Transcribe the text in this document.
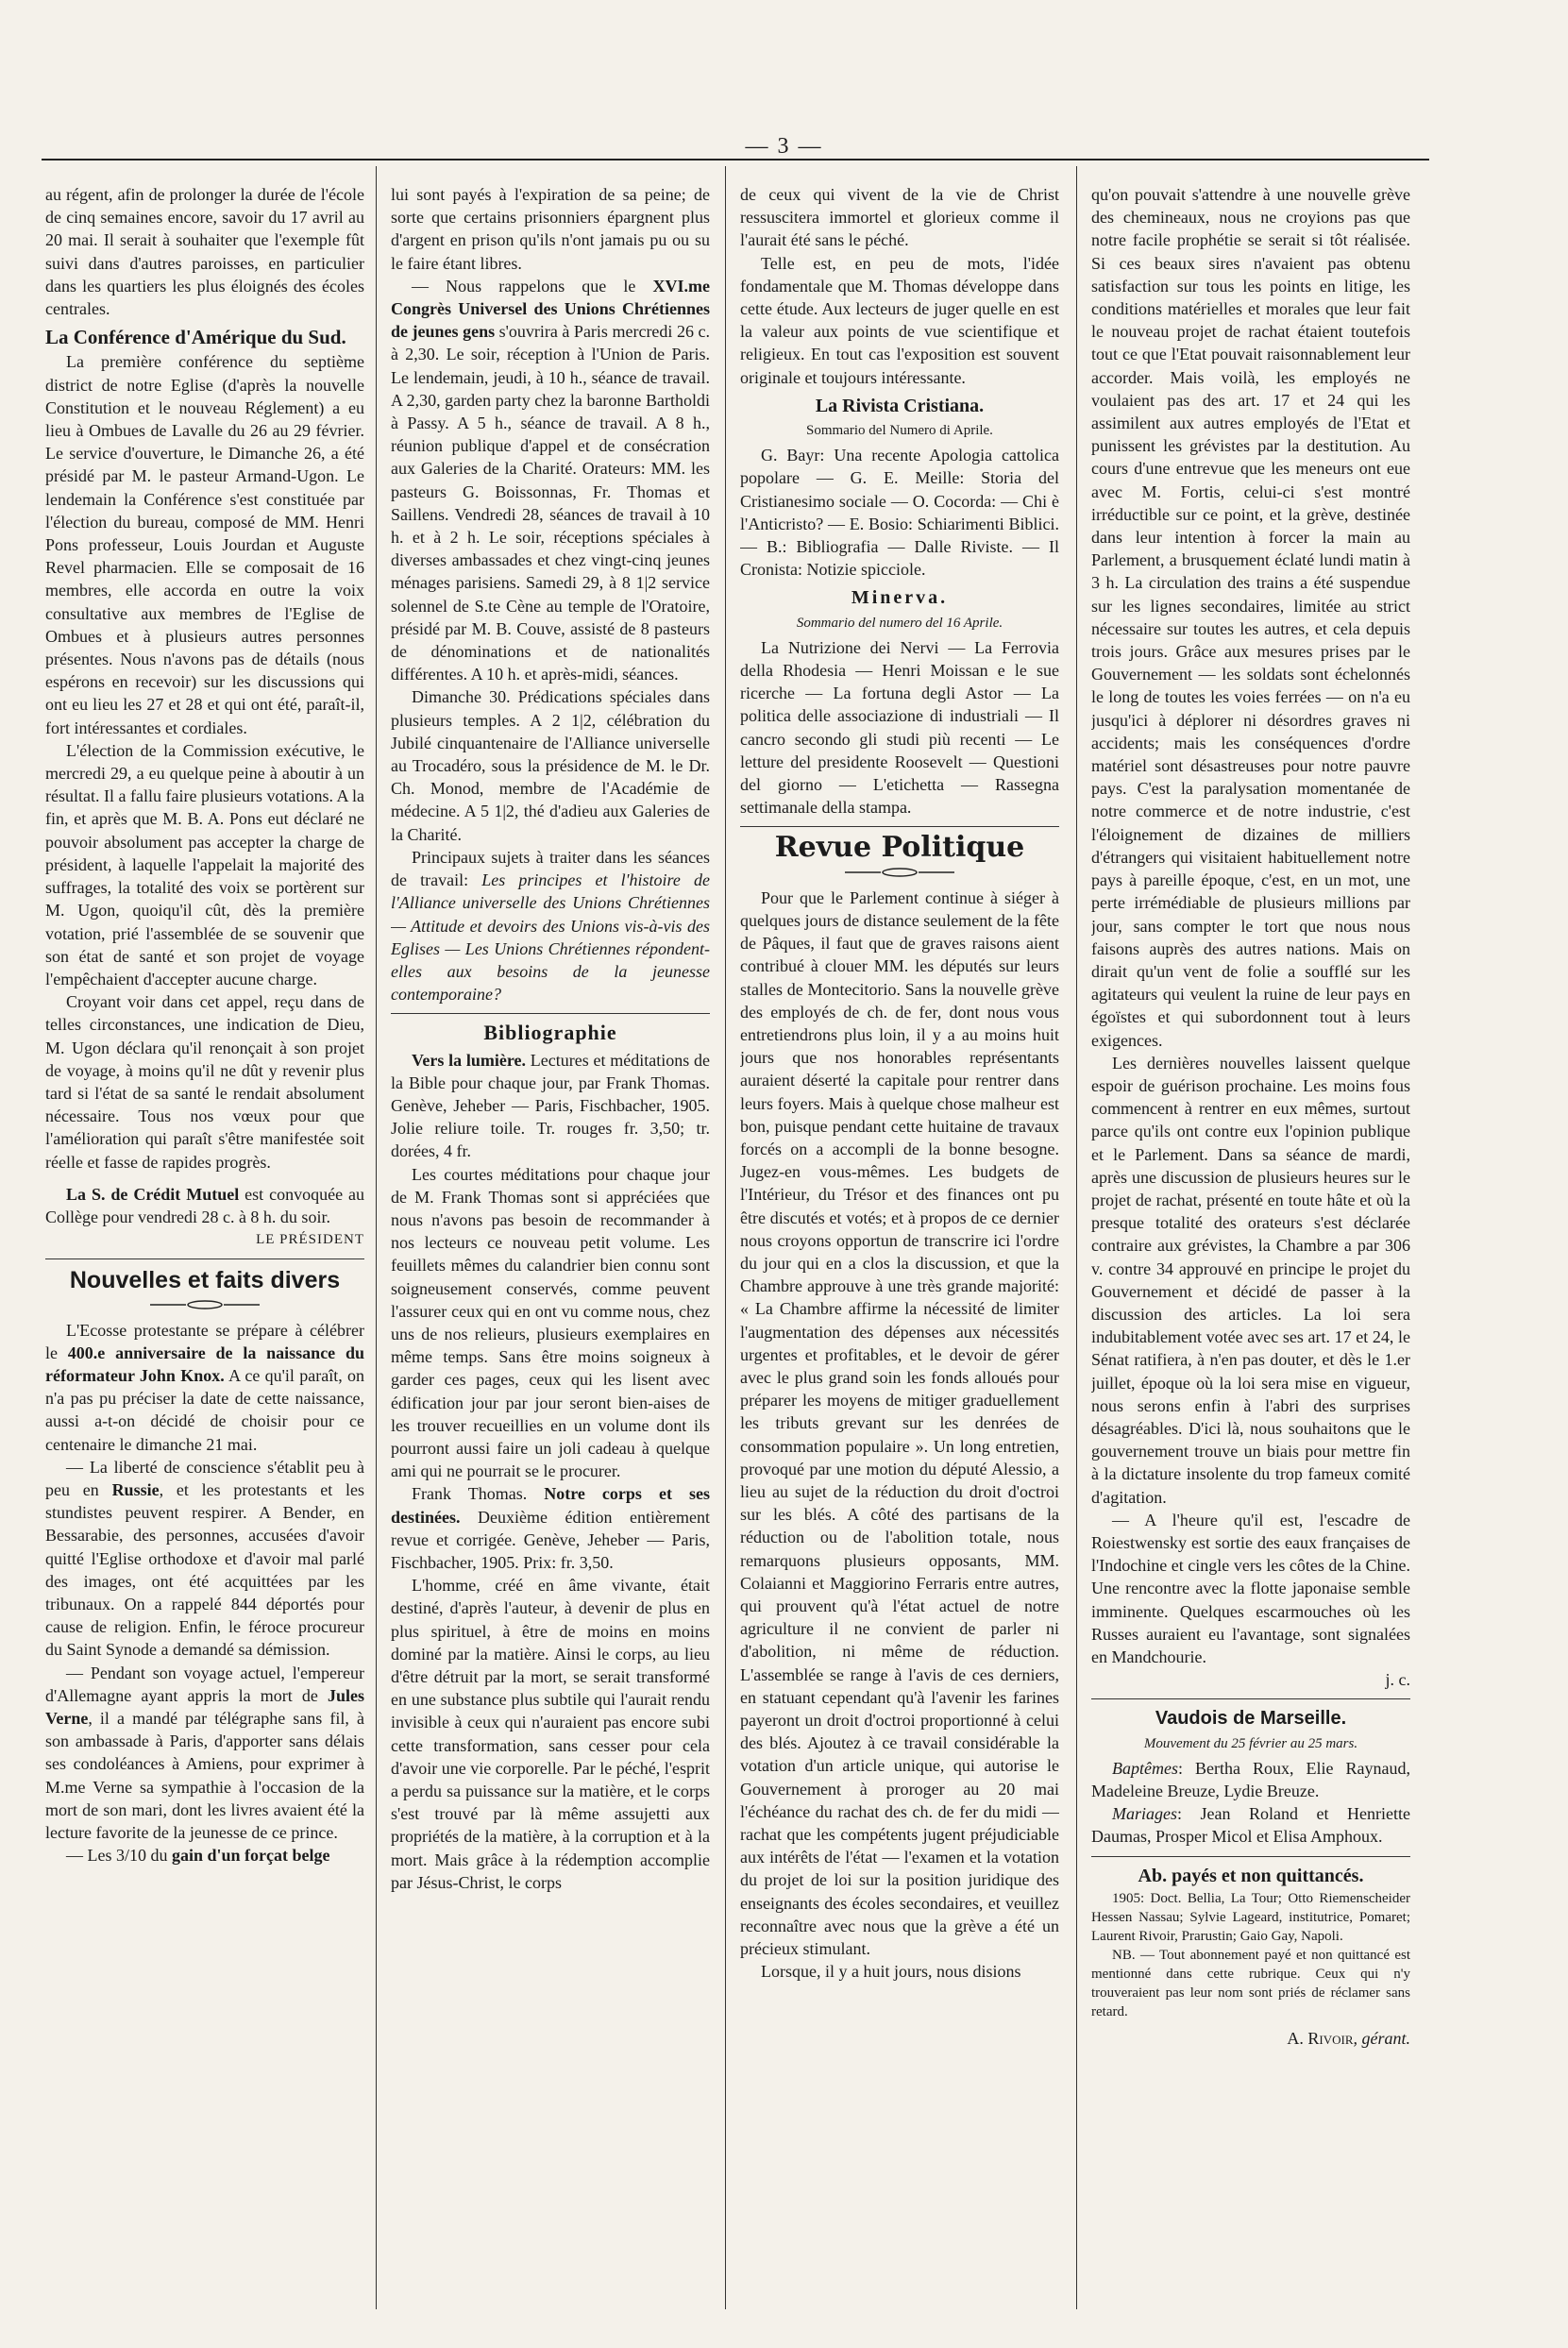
— 3 —

au régent, afin de prolonger la durée de l'école de cinq semaines encore, savoir du 17 avril au 20 mai. Il serait à souhaiter que l'exemple fût suivi dans d'autres paroisses, en particulier dans les quartiers les plus éloignés des écoles centrales.

La Conférence d'Amérique du Sud.

La première conférence du septième district de notre Eglise (d'après la nouvelle Constitution et le nouveau Réglement) a eu lieu à Ombues de Lavalle du 26 au 29 février. Le service d'ouverture, le Dimanche 26, a été présidé par M. le pasteur Armand-Ugon. Le lendemain la Conférence s'est constituée par l'élection du bureau, composé de MM. Henri Pons professeur, Louis Jourdan et Auguste Revel pharmacien. Elle se composait de 16 membres, elle accorda en outre la voix consultative aux membres de l'Eglise de Ombues et à plusieurs autres personnes présentes. Nous n'avons pas de détails (nous espérons en recevoir) sur les discussions qui ont eu lieu les 27 et 28 et qui ont été, paraît-il, fort intéressantes et cordiales.

L'élection de la Commission exécutive, le mercredi 29, a eu quelque peine à aboutir à un résultat. Il a fallu faire plusieurs votations. A la fin, et après que M. B. A. Pons eut déclaré ne pouvoir absolument pas accepter la charge de président, à laquelle l'appelait la majorité des suffrages, la totalité des voix se portèrent sur M. Ugon, quoiqu'il cût, dès la première votation, prié l'assemblée de se souvenir que son état de santé et son projet de voyage l'empêchaient d'accepter aucune charge.

Croyant voir dans cet appel, reçu dans de telles circonstances, une indication de Dieu, M. Ugon déclara qu'il renonçait à son projet de voyage, à moins qu'il ne dût y revenir plus tard si l'état de sa santé le rendait absolument nécessaire. Tous nos vœux pour que l'amélioration qui paraît s'être manifestée soit réelle et fasse de rapides progrès.

La S. de Crédit Mutuel est convoquée au Collège pour vendredi 28 c. à 8 h. du soir.

LE PRÉSIDENT
Nouvelles et faits divers

L'Ecosse protestante se prépare à célébrer le 400.e anniversaire de la naissance du réformateur John Knox. A ce qu'il paraît, on n'a pas pu préciser la date de cette naissance, aussi a-t-on décidé de choisir pour ce centenaire le dimanche 21 mai.

— La liberté de conscience s'établit peu à peu en Russie, et les protestants et les stundistes peuvent respirer. A Bender, en Bessarabie, des personnes, accusées d'avoir quitté l'Eglise orthodoxe et d'avoir mal parlé des images, ont été acquittées par les tribunaux. On a rappelé 844 déportés pour cause de religion. Enfin, le féroce procureur du Saint Synode a demandé sa démission.

— Pendant son voyage actuel, l'empereur d'Allemagne ayant appris la mort de Jules Verne, il a mandé par télégraphe sans fil, à son ambassade à Paris, d'apporter sans délais ses condoléances à Amiens, pour exprimer à M.me Verne sa sympathie à l'occasion de la mort de son mari, dont les livres avaient été la lecture favorite de la jeunesse de ce prince.

— Les 3/10 du gain d'un forçat belge

lui sont payés à l'expiration de sa peine; de sorte que certains prisonniers épargnent plus d'argent en prison qu'ils n'ont jamais pu ou su le faire étant libres.

— Nous rappelons que le XVI.me Congrès Universel des Unions Chrétiennes de jeunes gens s'ouvrira à Paris mercredi 26 c. à 2,30. Le soir, réception à l'Union de Paris. Le lendemain, jeudi, à 10 h., séance de travail. A 2,30, garden party chez la baronne Bartholdi à Passy. A 5 h., séance de travail. A 8 h., réunion publique d'appel et de consécration aux Galeries de la Charité. Orateurs: MM. les pasteurs G. Boissonnas, Fr. Thomas et Saillens. Vendredi 28, séances de travail à 10 h. et à 2 h. Le soir, réceptions spéciales à diverses ambassades et chez vingt-cinq jeunes ménages parisiens. Samedi 29, à 8 1|2 service solennel de S.te Cène au temple de l'Oratoire, présidé par M. B. Couve, assisté de 8 pasteurs de dénominations et de nationalités différentes. A 10 h. et après-midi, séances.

Dimanche 30. Prédications spéciales dans plusieurs temples. A 2 1|2, célébration du Jubilé cinquantenaire de l'Alliance universelle au Trocadéro, sous la présidence de M. le Dr. Ch. Monod, membre de l'Académie de médecine. A 5 1|2, thé d'adieu aux Galeries de la Charité.

Principaux sujets à traiter dans les séances de travail: Les principes et l'histoire de l'Alliance universelle des Unions Chrétiennes — Attitude et devoirs des Unions vis-à-vis des Eglises — Les Unions Chrétiennes répondent-elles aux besoins de la jeunesse contemporaine?

Bibliographie

Vers la lumière. Lectures et méditations de la Bible pour chaque jour, par Frank Thomas. Genève, Jeheber — Paris, Fischbacher, 1905. Jolie reliure toile. Tr. rouges fr. 3,50; tr. dorées, 4 fr.

Les courtes méditations pour chaque jour de M. Frank Thomas sont si appréciées que nous n'avons pas besoin de recommander à nos lecteurs ce nouveau petit volume. Les feuillets mêmes du calandrier bien connu sont soigneusement conservés, comme peuvent l'assurer ceux qui en ont vu comme nous, chez uns de nos relieurs, plusieurs exemplaires en même temps. Sans être moins soigneux à garder ces pages, ceux qui les lisent avec édification jour par jour seront bien-aises de les trouver recueillies en un volume dont ils pourront aussi faire un joli cadeau à quelque ami qui ne pourrait se le procurer.

Frank Thomas. Notre corps et ses destinées. Deuxième édition entièrement revue et corrigée. Genève, Jeheber — Paris, Fischbacher, 1905. Prix: fr. 3,50.

L'homme, créé en âme vivante, était destiné, d'après l'auteur, à devenir de plus en plus spirituel, à être de moins en moins dominé par la matière. Ainsi le corps, au lieu d'être détruit par la mort, se serait transformé en une substance plus subtile qui l'aurait rendu invisible à ceux qui n'auraient pas encore subi cette transformation, sans cesser pour cela d'avoir une vie corporelle. Par le péché, l'esprit a perdu sa puissance sur la matière, et le corps s'est trouvé par là même assujetti aux propriétés de la matière, à la corruption et à la mort. Mais grâce à la rédemption accomplie par Jésus-Christ, le corps

de ceux qui vivent de la vie de Christ ressuscitera immortel et glorieux comme il l'aurait été sans le péché.

Telle est, en peu de mots, l'idée fondamentale que M. Thomas développe dans cette étude. Aux lecteurs de juger quelle en est la valeur aux points de vue scientifique et religieux. En tout cas l'exposition est souvent originale et toujours intéressante.

La Rivista Cristiana.
Sommario del Numero di Aprile.

G. Bayr: Una recente Apologia cattolica popolare — G. E. Meille: Storia del Cristianesimo sociale — O. Cocorda: — Chi è l'Anticristo? — E. Bosio: Schiarimenti Biblici. — B.: Bibliografia — Dalle Riviste. — Il Cronista: Notizie spicciole.

Minerva.
Sommario del numero del 16 Aprile.

La Nutrizione dei Nervi — La Ferrovia della Rhodesia — Henri Moissan e le sue ricerche — La fortuna degli Astor — La politica delle associazione di industriali — Il cancro secondo gli studi più recenti — Le letture del presidente Roosevelt — Questioni del giorno — L'etichetta — Rassegna settimanale della stampa.

Revue Politique

Pour que le Parlement continue à siéger à quelques jours de distance seulement de la fête de Pâques, il faut que de graves raisons aient contribué à clouer MM. les députés sur leurs stalles de Montecitorio. Sans la nouvelle grève des employés de ch. de fer, dont nous vous entretiendrons plus loin, il y a au moins huit jours que nos honorables représentants auraient déserté la capitale pour rentrer dans leurs foyers. Mais à quelque chose malheur est bon, puisque pendant cette huitaine de travaux forcés on a accompli de la bonne besogne. Jugez-en vous-mêmes. Les budgets de l'Intérieur, du Trésor et des finances ont pu être discutés et votés; et à propos de ce dernier nous croyons opportun de transcrire ici l'ordre du jour qui en a clos la discussion, et que la Chambre approuve à une très grande majorité: « La Chambre affirme la nécessité de limiter l'augmentation des dépenses aux nécessités urgentes et profitables, et le devoir de gérer avec le plus grand soin les fonds alloués pour préparer les moyens de mitiger graduellement les tributs grevant sur les denrées de consommation populaire ». Un long entretien, provoqué par une motion du député Alessio, a lieu au sujet de la réduction du droit d'octroi sur les blés. A côté des partisans de la réduction ou de l'abolition totale, nous remarquons plusieurs opposants, MM. Colaianni et Maggiorino Ferraris entre autres, qui prouvent qu'à l'état actuel de notre agriculture il ne convient de parler ni d'abolition, ni même de réduction. L'assemblée se range à l'avis de ces derniers, en statuant cependant qu'à l'avenir les farines payeront un droit d'octroi proportionné à celui des blés. Ajoutez à ce travail considérable la votation d'un article unique, qui autorise le Gouvernement à proroger au 20 mai l'échéance du rachat des ch. de fer du midi — rachat que les compétents jugent préjudiciable aux intérêts de l'état — l'examen et la votation du projet de loi sur la position juridique des enseignants des écoles secondaires, et veuillez reconnaître avec nous que la grève a été un précieux stimulant.

Lorsque, il y a huit jours, nous disions

qu'on pouvait s'attendre à une nouvelle grève des chemineaux, nous ne croyions pas que notre facile prophétie se serait si tôt réalisée. Si ces beaux sires n'avaient pas obtenu satisfaction sur tous les points en litige, les conditions matérielles et morales que leur fait le nouveau projet de rachat étaient toutefois tout ce que l'Etat pouvait raisonnablement leur accorder. Mais voilà, les employés ne voulaient pas des art. 17 et 24 qui les assimilent aux autres employés de l'Etat et punissent les grévistes par la destitution. Au cours d'une entrevue que les meneurs ont eue avec M. Fortis, celui-ci s'est montré irréductible sur ce point, et la grève, destinée dans leur intention à forcer la main au Parlement, a brusquement éclaté lundi matin à 3 h. La circulation des trains a été suspendue sur les lignes secondaires, limitée au strict nécessaire sur toutes les autres, et cela depuis trois jours. Grâce aux mesures prises par le Gouvernement — les soldats sont échelonnés le long de toutes les voies ferrées — on n'a eu jusqu'ici à déplorer ni désordres graves ni accidents; mais les conséquences d'ordre matériel sont désastreuses pour notre pauvre pays. C'est la paralysation momentanée de notre commerce et de notre industrie, c'est l'éloignement de dizaines de milliers d'étrangers qui visitaient habituellement notre pays à pareille époque, c'est, en un mot, une perte irrémédiable de plusieurs millions par jour, sans compter le tort que nous nous faisons auprès des autres nations. Mais on dirait qu'un vent de folie a soufflé sur les agitateurs qui veulent la ruine de leur pays en égoïstes et qui subordonnent tout à leurs exigences.

Les dernières nouvelles laissent quelque espoir de guérison prochaine. Les moins fous commencent à rentrer en eux mêmes, surtout parce qu'ils ont contre eux l'opinion publique et le Parlement. Dans sa séance de mardi, après une discussion de plusieurs heures sur le projet de rachat, présenté en toute hâte et où la presque totalité des orateurs s'est déclarée contraire aux grévistes, la Chambre a par 306 v. contre 34 approuvé en principe le projet du Gouvernement et décidé de passer à la discussion des articles. La loi sera indubitablement votée avec ses art. 17 et 24, le Sénat ratifiera, à n'en pas douter, et dès le 1.er juillet, époque où la loi sera mise en vigueur, nous serons enfin à l'abri des surprises désagréables. D'ici là, nous souhaitons que le gouvernement trouve un biais pour mettre fin à la dictature insolente du trop fameux comité d'agitation.

— A l'heure qu'il est, l'escadre de Roiestwensky est sortie des eaux françaises de l'Indochine et cingle vers les côtes de la Chine. Une rencontre avec la flotte japonaise semble imminente. Quelques escarmouches où les Russes auraient eu l'avantage, sont signalées en Mandchourie.

j. c.
Vaudois de Marseille.
Mouvement du 25 février au 25 mars.

Baptêmes: Bertha Roux, Elie Raynaud, Madeleine Breuze, Lydie Breuze.

Mariages: Jean Roland et Henriette Daumas, Prosper Micol et Elisa Amphoux.

Ab. payés et non quittancés.

1905: Doct. Bellia, La Tour; Otto Riemenscheider Hessen Nassau; Sylvie Lageard, institutrice, Pomaret; Laurent Rivoir, Prarustin; Gaio Gay, Napoli.

NB. — Tout abonnement payé et non quittancé est mentionné dans cette rubrique. Ceux qui n'y trouveraient pas leur nom sont priés de réclamer sans retard.

A. Rivoir, gérant.
